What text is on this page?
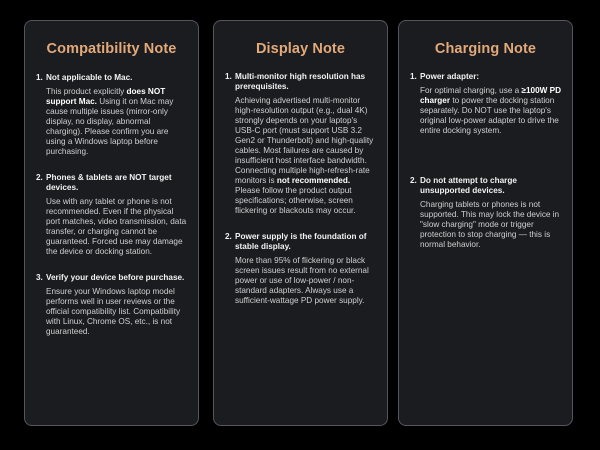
Compatibility Note
1. Not applicable to Mac.
This product explicitly does NOT support Mac. Using it on Mac may cause multiple issues (mirror-only display, no display, abnormal charging). Please confirm you are using a Windows laptop before purchasing.
2. Phones & tablets are NOT target devices.
Use with any tablet or phone is not recommended. Even if the physical port matches, video transmission, data transfer, or charging cannot be guaranteed. Forced use may damage the device or docking station.
3. Verify your device before purchase.
Ensure your Windows laptop model performs well in user reviews or the official compatibility list. Compatibility with Linux, Chrome OS, etc., is not guaranteed.
Display Note
1. Multi-monitor high resolution has prerequisites.
Achieving advertised multi-monitor high-resolution output (e.g., dual 4K) strongly depends on your laptop's USB-C port (must support USB 3.2 Gen2 or Thunderbolt) and high-quality cables. Most failures are caused by insufficient host interface bandwidth. Connecting multiple high-refresh-rate monitors is not recommended. Please follow the product output specifications; otherwise, screen flickering or blackouts may occur.
2. Power supply is the foundation of stable display.
More than 95% of flickering or black screen issues result from no external power or use of low-power / non-standard adapters. Always use a sufficient-wattage PD power supply.
Charging Note
1. Power adapter:
For optimal charging, use a ≥100W PD charger to power the docking station separately. Do NOT use the laptop's original low-power adapter to drive the entire docking system.
2. Do not attempt to charge unsupported devices.
Charging tablets or phones is not supported. This may lock the device in "slow charging" mode or trigger protection to stop charging — this is normal behavior.
